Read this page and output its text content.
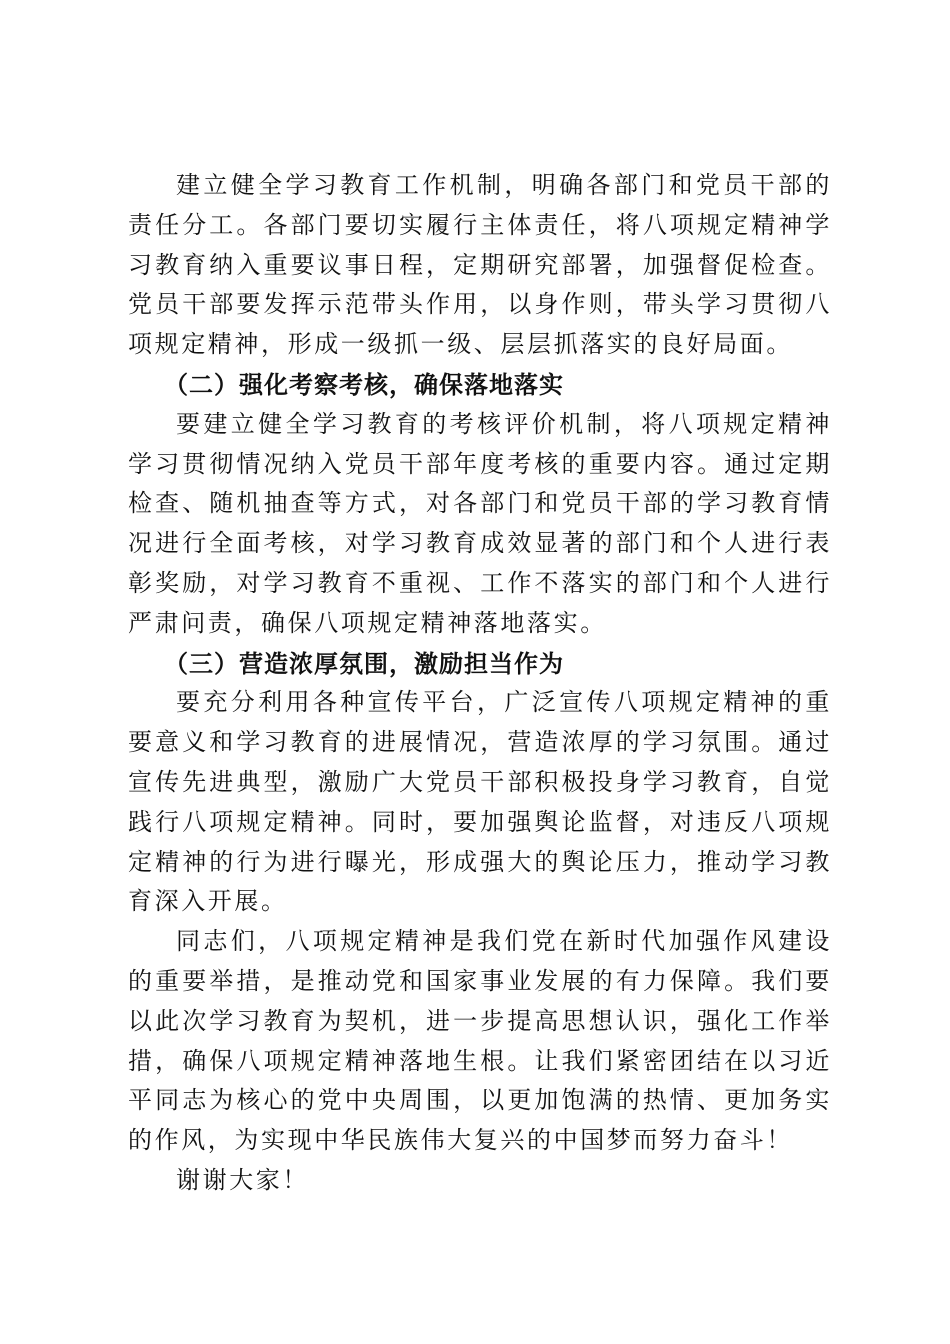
建立健全学习教育工作机制，明确各部门和党员干部的责任分工。各部门要切实履行主体责任，将八项规定精神学习教育纳入重要议事日程，定期研究部署，加强督促检查。党员干部要发挥示范带头作用，以身作则，带头学习贯彻八项规定精神，形成一级抓一级、层层抓落实的良好局面。

（二）强化考察考核，确保落地落实

要建立健全学习教育的考核评价机制，将八项规定精神学习贯彻情况纳入党员干部年度考核的重要内容。通过定期检查、随机抽查等方式，对各部门和党员干部的学习教育情况进行全面考核，对学习教育成效显著的部门和个人进行表彰奖励，对学习教育不重视、工作不落实的部门和个人进行严肃问责，确保八项规定精神落地落实。

（三）营造浓厚氛围，激励担当作为

要充分利用各种宣传平台，广泛宣传八项规定精神的重要意义和学习教育的进展情况，营造浓厚的学习氛围。通过宣传先进典型，激励广大党员干部积极投身学习教育，自觉践行八项规定精神。同时，要加强舆论监督，对违反八项规定精神的行为进行曝光，形成强大的舆论压力，推动学习教育深入开展。

同志们，八项规定精神是我们党在新时代加强作风建设的重要举措，是推动党和国家事业发展的有力保障。我们要以此次学习教育为契机，进一步提高思想认识，强化工作举措，确保八项规定精神落地生根。让我们紧密团结在以习近平同志为核心的党中央周围，以更加饱满的热情、更加务实的作风，为实现中华民族伟大复兴的中国梦而努力奋斗！

谢谢大家！
